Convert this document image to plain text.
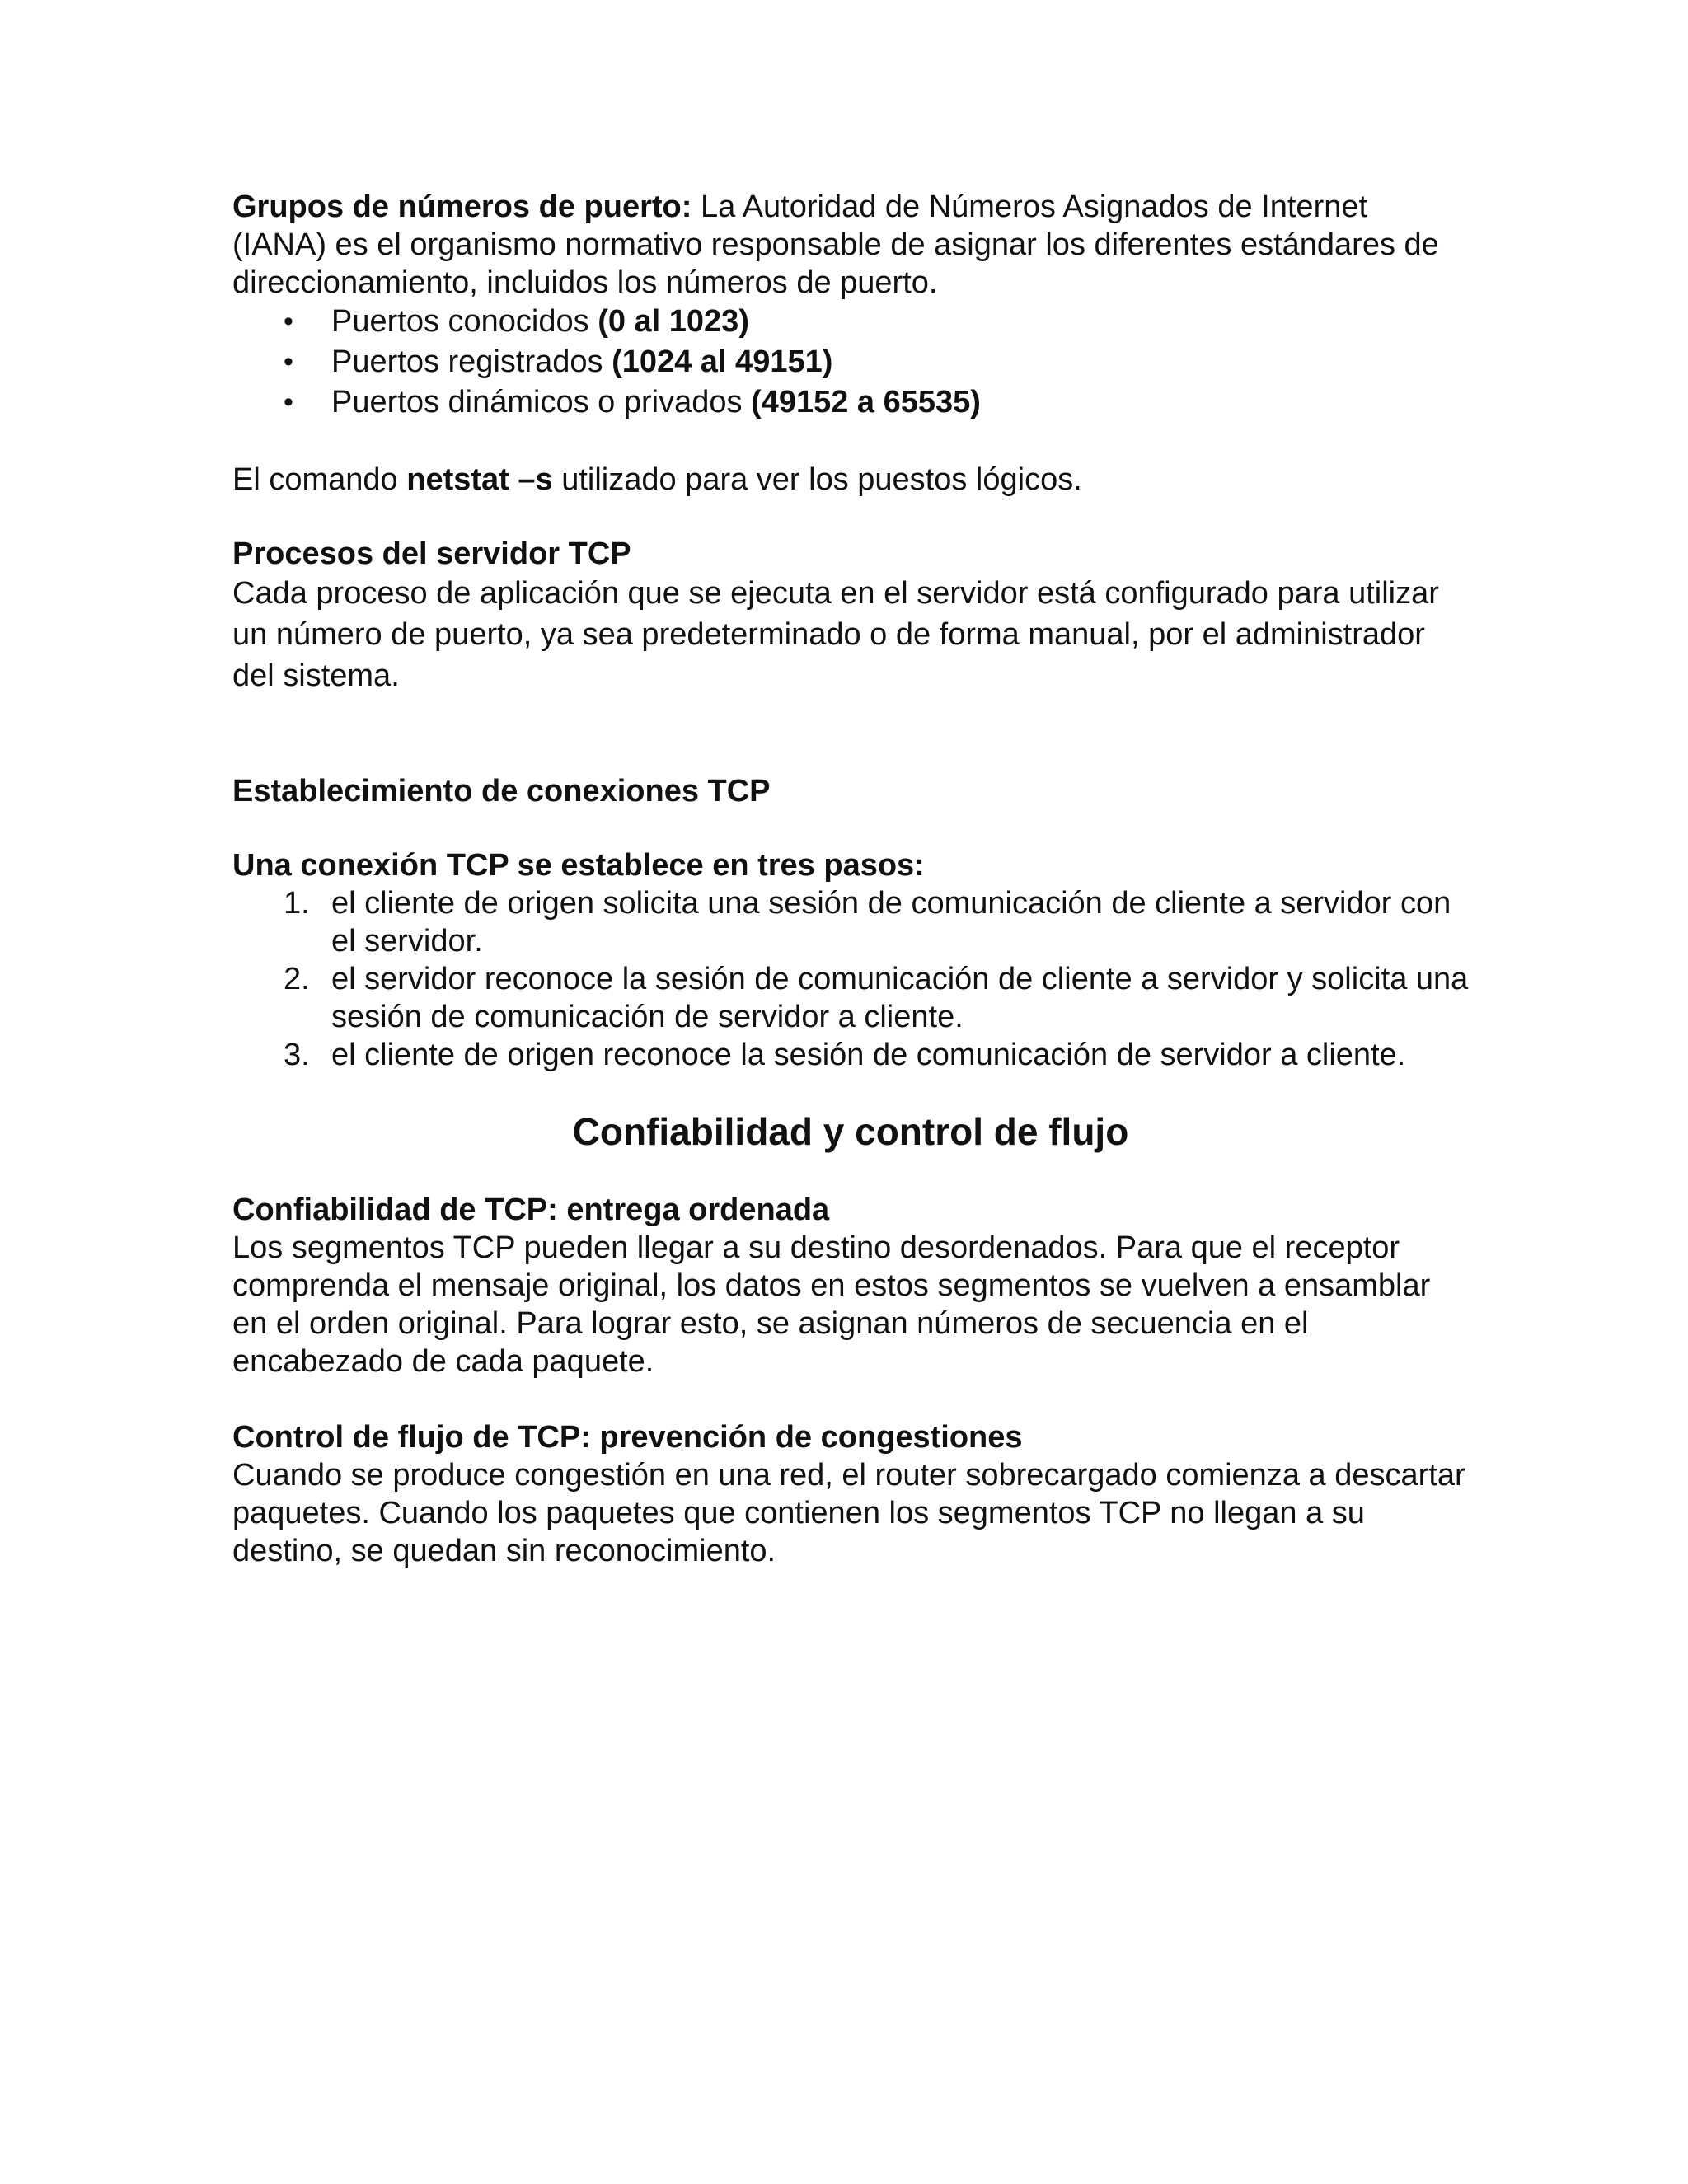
Grupos de números de puerto: La Autoridad de Números Asignados de Internet (IANA) es el organismo normativo responsable de asignar los diferentes estándares de direccionamiento, incluidos los números de puerto.

• Puertos conocidos (0 al 1023)
• Puertos registrados (1024 al 49151)
• Puertos dinámicos o privados (49152 a 65535)

El comando netstat –s utilizado para ver los puestos lógicos.

Procesos del servidor TCP

Cada proceso de aplicación que se ejecuta en el servidor está configurado para utilizar un número de puerto, ya sea predeterminado o de forma manual, por el administrador del sistema.

Establecimiento de conexiones TCP

Una conexión TCP se establece en tres pasos:

1. el cliente de origen solicita una sesión de comunicación de cliente a servidor con el servidor.
2. el servidor reconoce la sesión de comunicación de cliente a servidor y solicita una sesión de comunicación de servidor a cliente.
3. el cliente de origen reconoce la sesión de comunicación de servidor a cliente.

Confiabilidad y control de flujo

Confiabilidad de TCP: entrega ordenada

Los segmentos TCP pueden llegar a su destino desordenados. Para que el receptor comprenda el mensaje original, los datos en estos segmentos se vuelven a ensamblar en el orden original. Para lograr esto, se asignan números de secuencia en el encabezado de cada paquete.

Control de flujo de TCP: prevención de congestiones

Cuando se produce congestión en una red, el router sobrecargado comienza a descartar paquetes. Cuando los paquetes que contienen los segmentos TCP no llegan a su destino, se quedan sin reconocimiento.
